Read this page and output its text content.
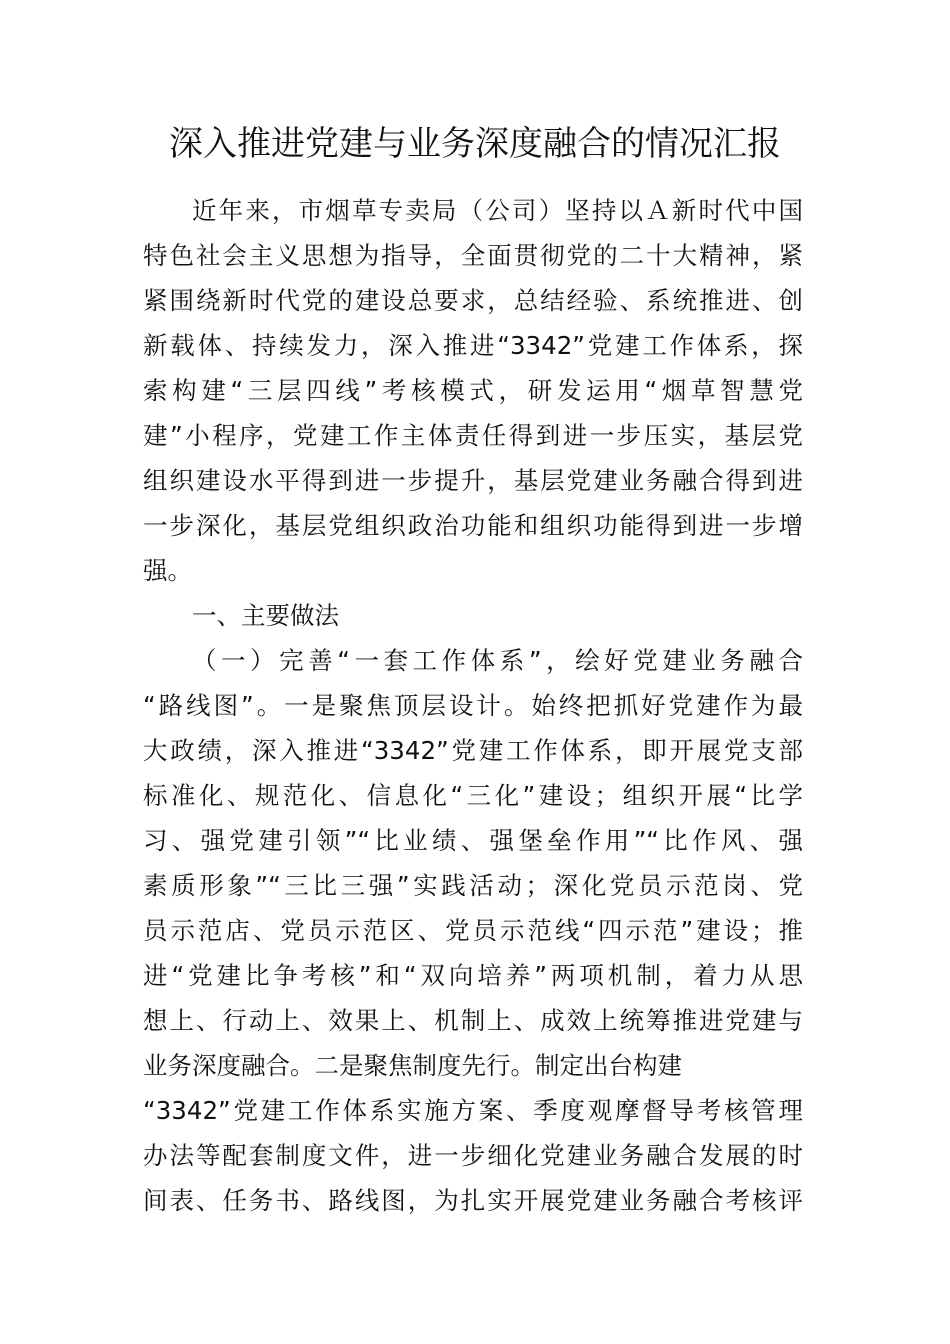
深入推进党建与业务深度融合的情况汇报
近年来，市烟草专卖局（公司）坚持以Ａ新时代中国
特色社会主义思想为指导，全面贯彻党的二十大精神，紧
紧围绕新时代党的建设总要求，总结经验、系统推进、创
新载体、持续发力，深入推进“3342”党建工作体系，探
索构建“三层四线”考核模式，研发运用“烟草智慧党
建”小程序，党建工作主体责任得到进一步压实，基层党
组织建设水平得到进一步提升，基层党建业务融合得到进
一步深化，基层党组织政治功能和组织功能得到进一步增
强。
一、主要做法
（一）完善“一套工作体系”，绘好党建业务融合
“路线图”。一是聚焦顶层设计。始终把抓好党建作为最
大政绩，深入推进“3342”党建工作体系，即开展党支部
标准化、规范化、信息化“三化”建设；组织开展“比学
习、强党建引领”“比业绩、强堡垒作用”“比作风、强
素质形象”“三比三强”实践活动；深化党员示范岗、党
员示范店、党员示范区、党员示范线“四示范”建设；推
进“党建比争考核”和“双向培养”两项机制，着力从思
想上、行动上、效果上、机制上、成效上统筹推进党建与
业务深度融合。二是聚焦制度先行。制定出台构建
“3342”党建工作体系实施方案、季度观摩督导考核管理
办法等配套制度文件，进一步细化党建业务融合发展的时
间表、任务书、路线图，为扎实开展党建业务融合考核评
